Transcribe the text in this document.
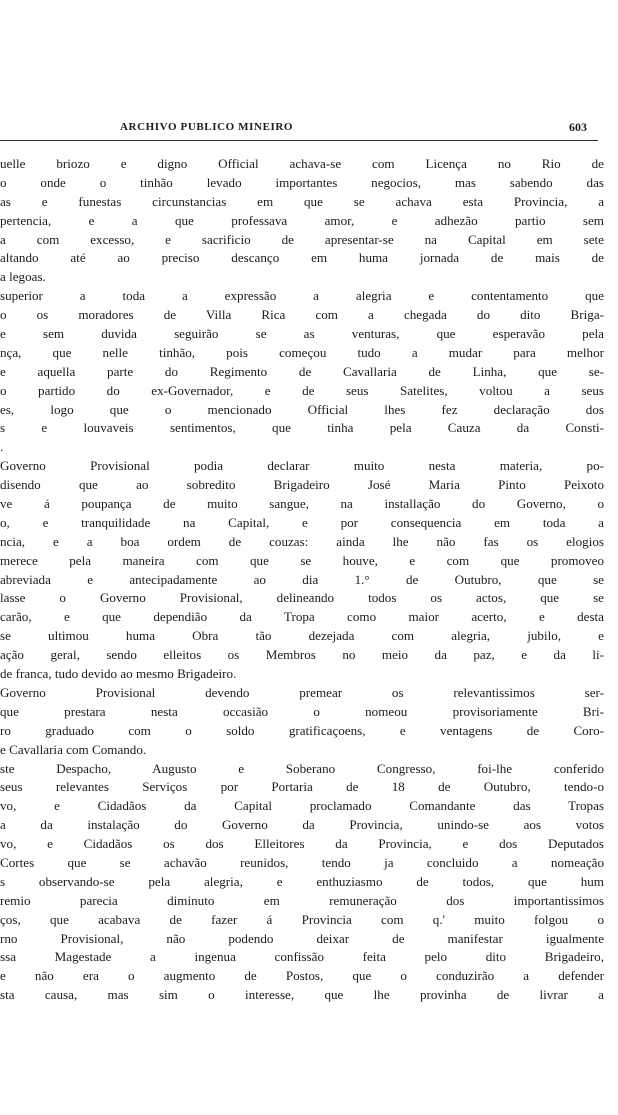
ARCHIVO PUBLICO MINEIRO	603
uelle briozo e digno Official achava-se com Licença no Rio de
o onde o tinhão levado importantes negocios, mas sabendo das
as e funestas circunstancias em que se achava esta Provincia, a
pertencia, e a que professava amor, e adhezão partio sem
a com excesso, e sacrificio de apresentar-se na Capital em sete
altando até ao preciso descanço em huma jornada de mais de
a legoas.
superior a toda a expressão a alegria e contentamento que
o os moradores de Villa Rica com a chegada do dito Briga-
e sem duvida seguirão se as venturas, que esperavão pela
nça, que nelle tinhão, pois começou tudo a mudar para melhor
e aquella parte do Regimento de Cavallaria de Linha, que se-
o partido do ex-Governador, e de seus Satelites, voltou a seus
es, logo que o mencionado Official lhes fez declaração dos
s e louvaveis sentimentos, que tinha pela Cauza da Consti-
.
Governo Provisional podia declarar muito nesta materia, po-
disendo que ao sobredito Brigadeiro José Maria Pinto Peixoto
ve á poupança de muito sangue, na installação do Governo, o
o, e tranquilidade na Capital, e por consequencia em toda a
ncia, e a boa ordem de couzas: ainda lhe não fas os elogios
merece pela maneira com que se houve, e com que promoveo
abreviada e antecipadamente ao dia 1.° de Outubro, que se
lasse o Governo Provisional, delineando todos os actos, que se
carão, e que dependião da Tropa como maior acerto, e desta
se ultimou huma Obra tão dezejada com alegria, jubilo, e
ação geral, sendo elleitos os Membros no meio da paz, e da li-
de franca, tudo devido ao mesmo Brigadeiro.
Governo Provisional devendo premear os relevantissimos ser-
que prestara nesta occasião o nomeou provisoriamente Bri-
ro graduado com o soldo gratificaçoens, e ventagens de Coro-
e Cavallaria com Comando.
ste Despacho, Augusto e Soberano Congresso, foi-lhe conferido
seus relevantes Serviços por Portaria de 18 de Outubro, tendo-o
vo, e Cidadãos da Capital proclamado Comandante das Tropas
a da instalação do Governo da Provincia, unindo-se aos votos
vo, e Cidadãos os dos Elleitores da Provincia, e dos Deputados
Cortes que se achavão reunidos, tendo ja concluido a nomeação
s observando-se pela alegria, e enthuziasmo de todos, que hum
remio parecia diminuto em remuneração dos importantissimos
ços, que acabava de fazer á Provincia com q.' muito folgou o
rno Provisional, não podendo deixar de manifestar igualmente
ssa Magestade a ingenua confissão feita pelo dito Brigadeiro,
e não era o augmento de Postos, que o conduzirão a defender
sta causa, mas sim o interesse, que lhe provinha de livrar a
